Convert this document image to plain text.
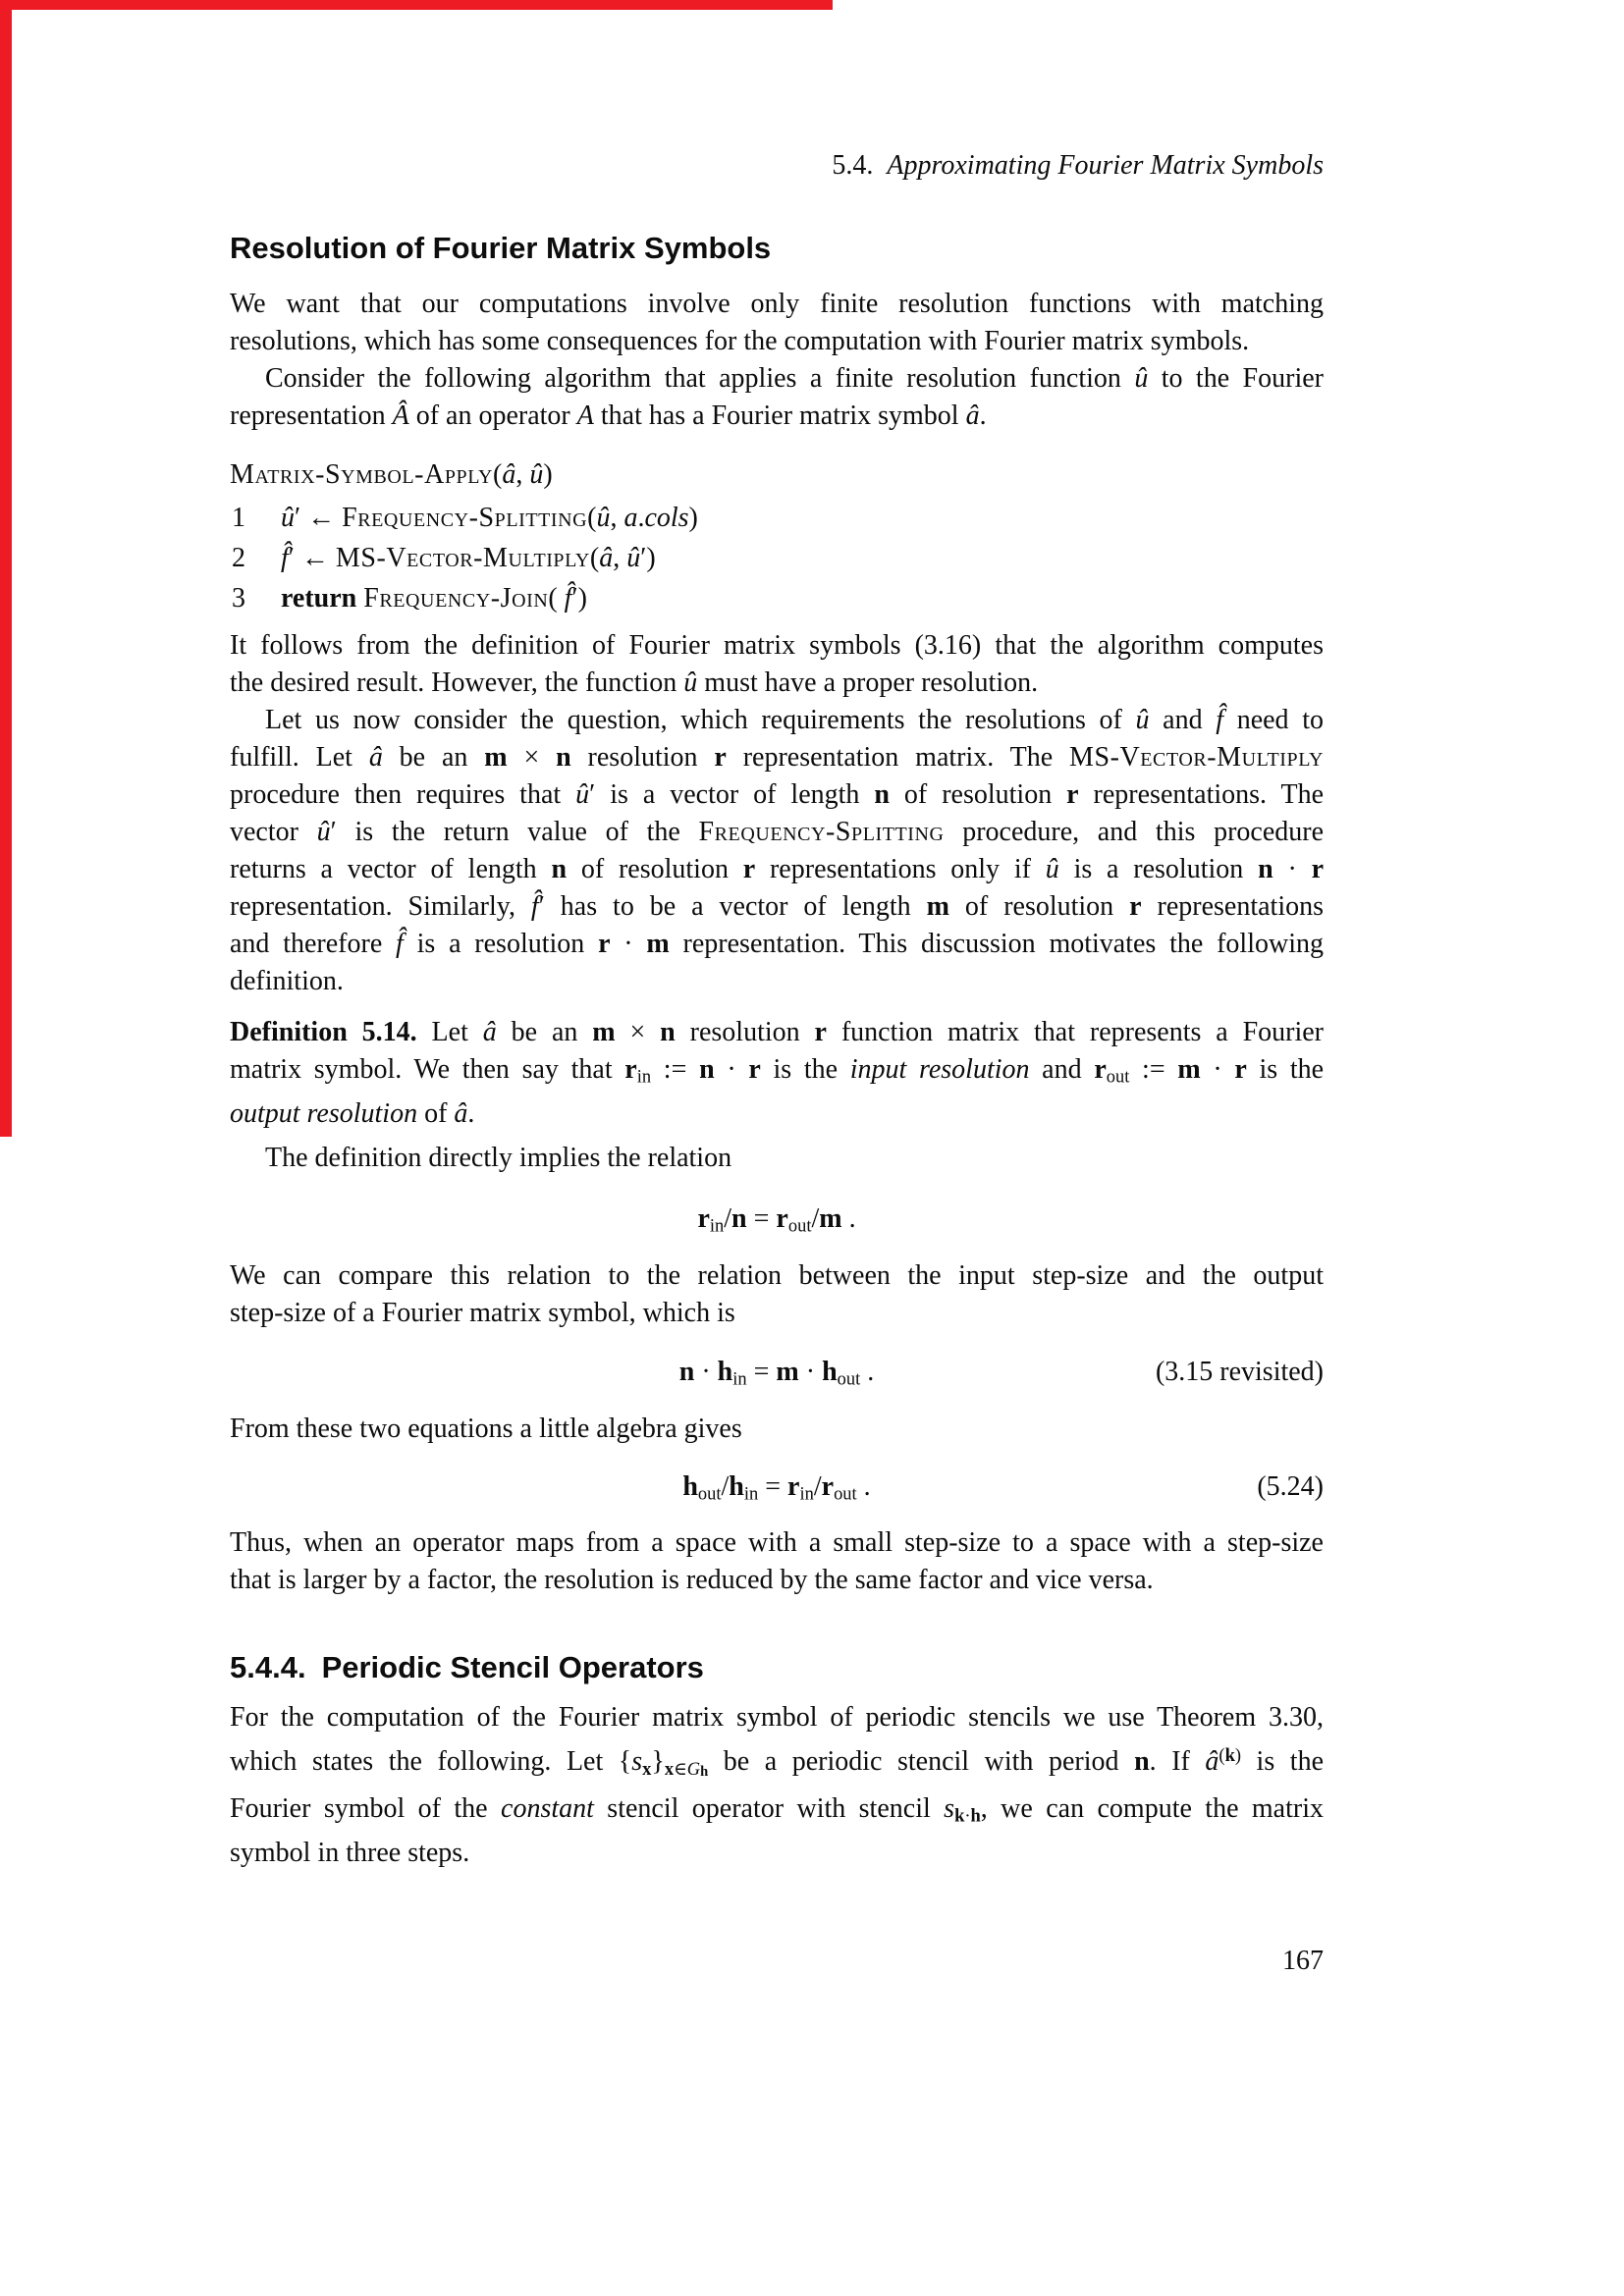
5.4. Approximating Fourier Matrix Symbols
Resolution of Fourier Matrix Symbols
We want that our computations involve only finite resolution functions with matching
resolutions, which has some consequences for the computation with Fourier matrix symbols.
Consider the following algorithm that applies a finite resolution function û to the Fourier
representation Â of an operator A that has a Fourier matrix symbol â.
Matrix-Symbol-Apply(â, û)
1 û′ ← Frequency-Splitting(û, a.cols)
2 f̂′ ← MS-Vector-Multiply(â, û′)
3 return Frequency-Join( f̂′)
It follows from the definition of Fourier matrix symbols (3.16) that the algorithm computes
the desired result. However, the function û must have a proper resolution.
Let us now consider the question, which requirements the resolutions of û and f̂ need to
fulfill. Let â be an m × n resolution r representation matrix. The MS-Vector-Multiply
procedure then requires that û′ is a vector of length n of resolution r representations. The
vector û′ is the return value of the Frequency-Splitting procedure, and this procedure
returns a vector of length n of resolution r representations only if û is a resolution n · r
representation. Similarly, f̂′ has to be a vector of length m of resolution r representations
and therefore f̂ is a resolution r · m representation. This discussion motivates the following
definition.
Definition 5.14. Let â be an m × n resolution r function matrix that represents a Fourier
matrix symbol. We then say that $r_{in}$ := n · r is the input resolution and $r_{out}$ := m · r is the
output resolution of â.
The definition directly implies the relation
$r_{in}/n = r_{out}/m$ .
We can compare this relation to the relation between the input step-size and the output
step-size of a Fourier matrix symbol, which is
$n \cdot h_{in} = m \cdot h_{out}$ .	(3.15 revisited)
From these two equations a little algebra gives
$h_{out}/h_{in} = r_{in}/r_{out}$ .	(5.24)
Thus, when an operator maps from a space with a small step-size to a space with a step-size
that is larger by a factor, the resolution is reduced by the same factor and vice versa.
5.4.4. Periodic Stencil Operators
For the computation of the Fourier matrix symbol of periodic stencils we use Theorem 3.30,
which states the following. Let $\{s_x\}_{x\in Gh}$ be a periodic stencil with period n. If $â^{(k)}$ is the
Fourier symbol of the constant stencil operator with stencil $s_{k\cdot h}$, we can compute the matrix
symbol in three steps.
167
